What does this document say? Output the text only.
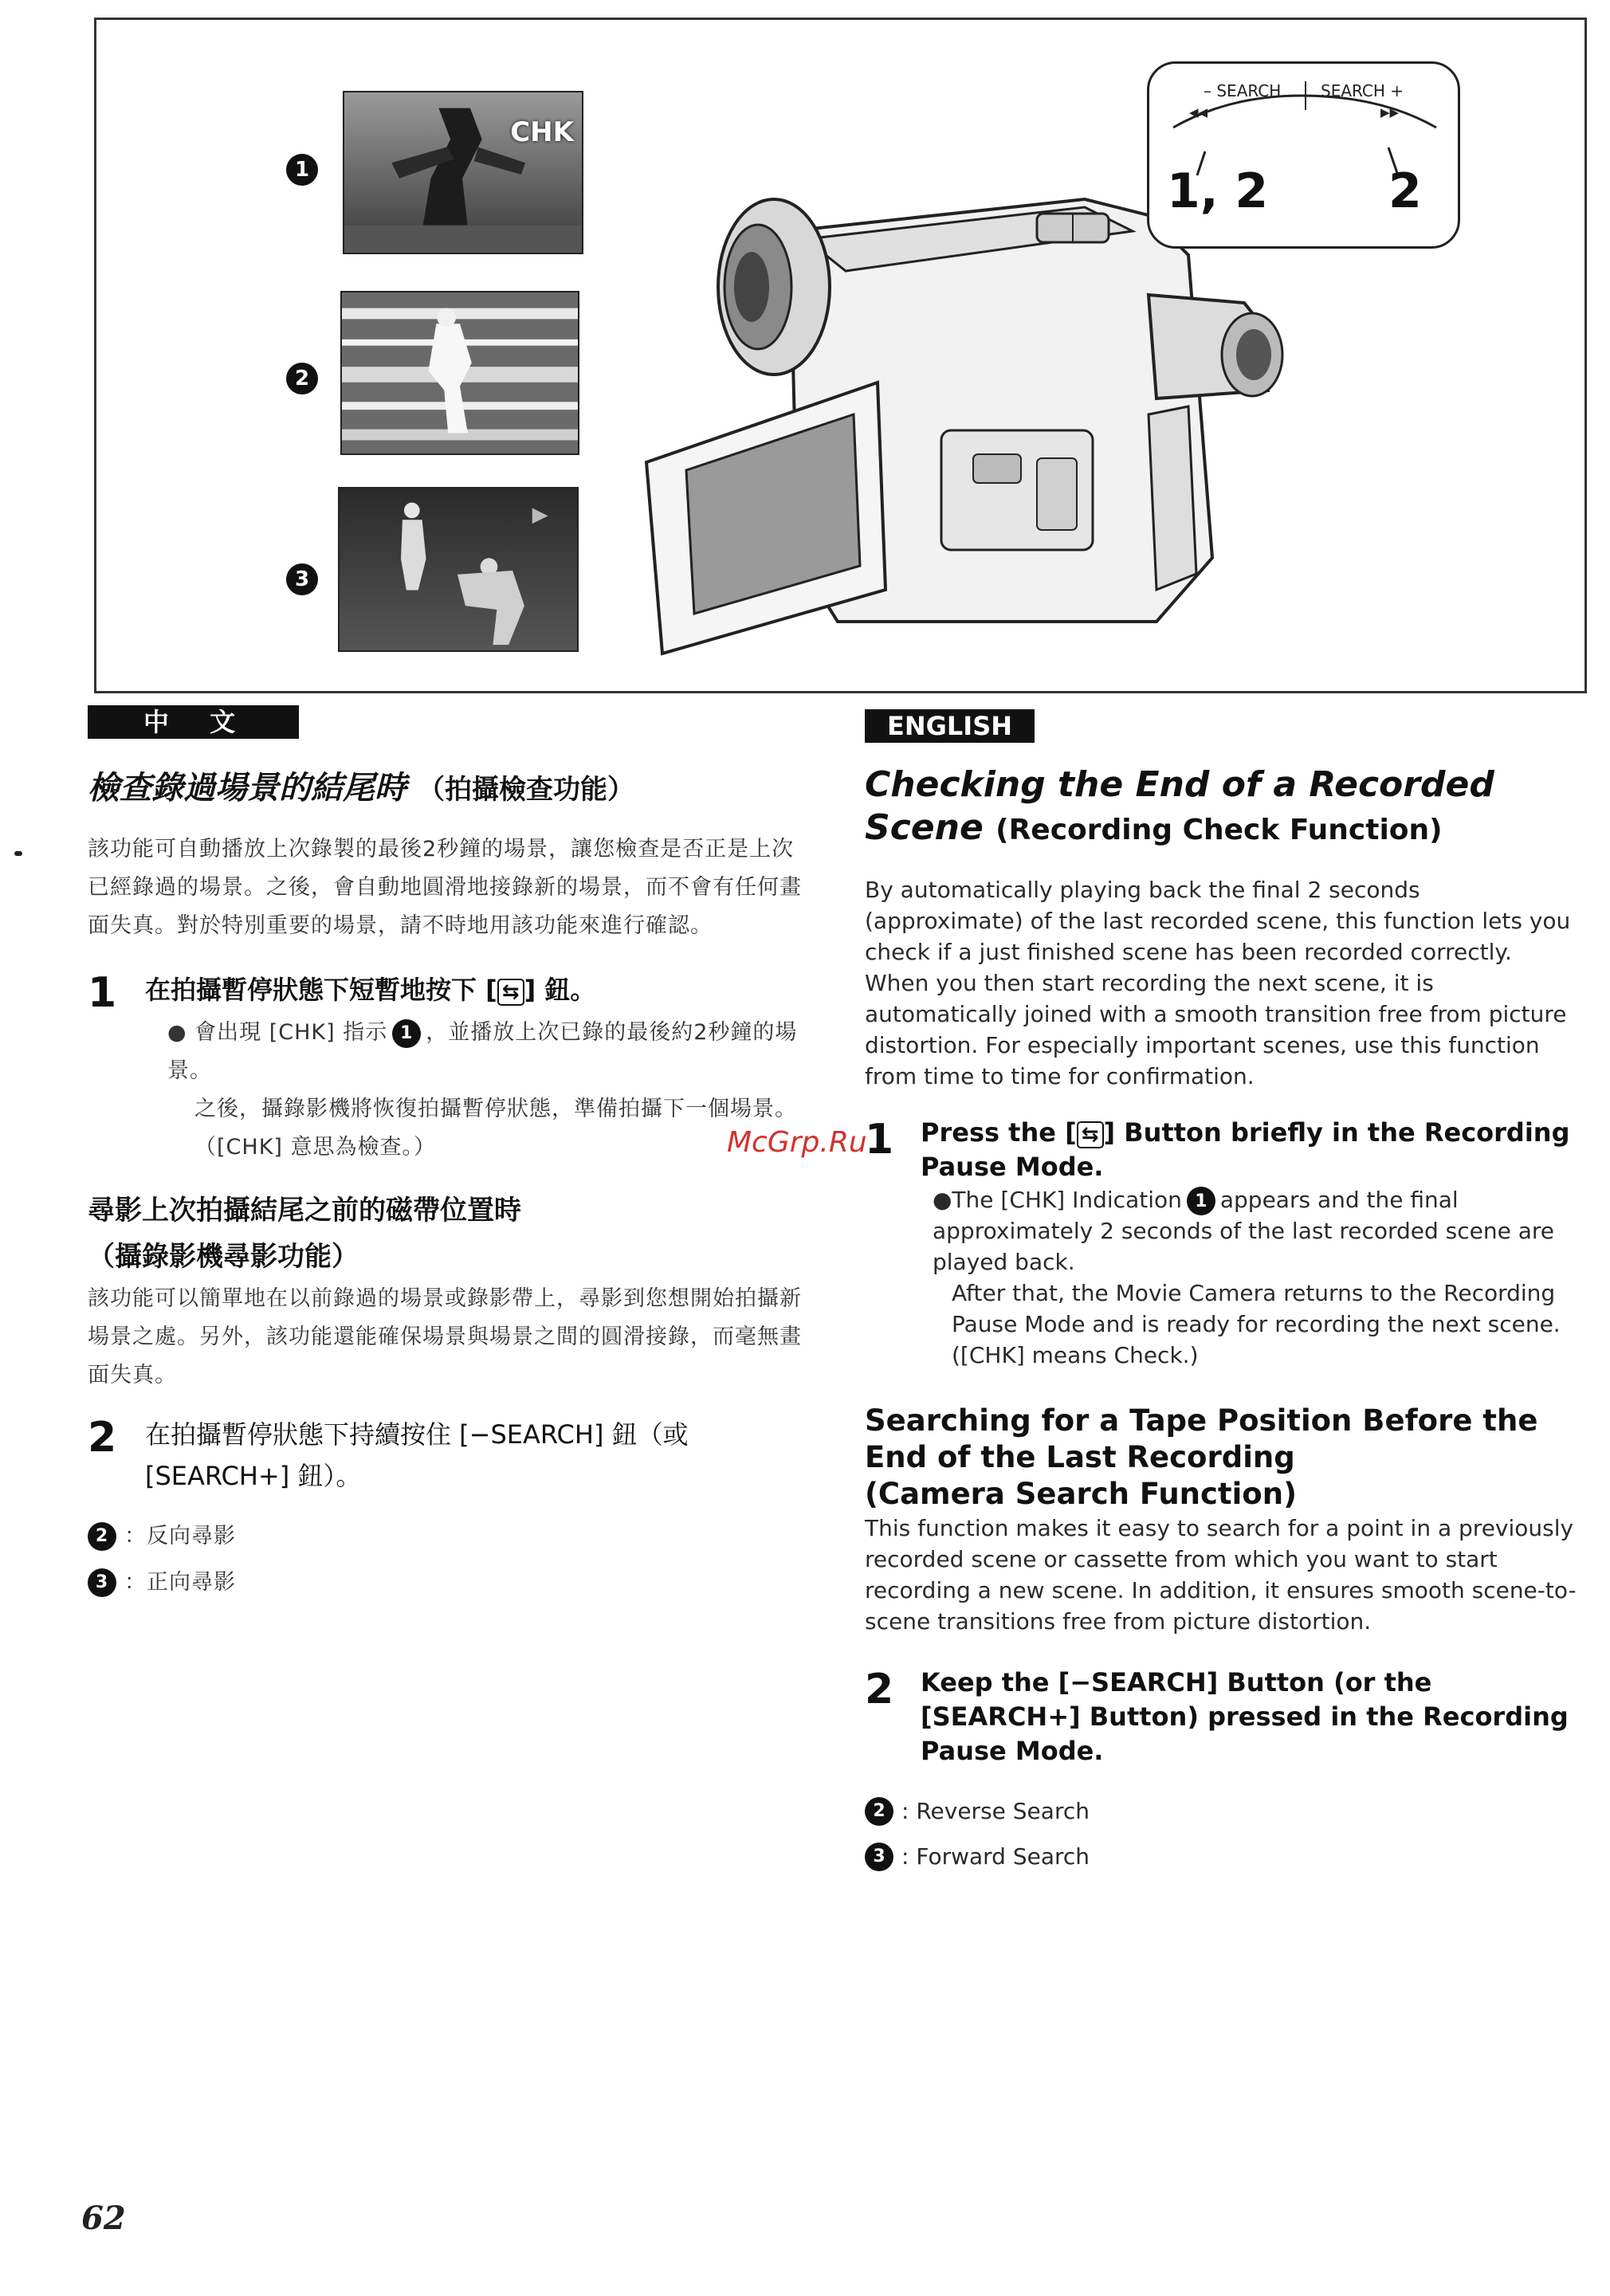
1
2
3
CHK
– SEARCH SEARCH +
◀◀	▶▶
1, 2	2
中 文
檢查錄過場景的結尾時 （拍攝檢查功能）

該功能可自動播放上次錄製的最後2秒鐘的場景，讓您檢查是否正是上次已經錄過的場景。之後，會自動地圓滑地接錄新的場景，而不會有任何畫面失真。對於特別重要的場景，請不時地用該功能來進行確認。

1 在拍攝暫停狀態下短暫地按下 [ ⇆ ] 鈕。
● 會出現 [CHK] 指示 1 ，並播放上次已錄的最後約2秒鐘的場景。
之後，攝錄影機將恢復拍攝暫停狀態，準備拍攝下一個場景。
（[CHK] 意思為檢查。）
尋影上次拍攝結尾之前的磁帶位置時
（攝錄影機尋影功能）

該功能可以簡單地在以前錄過的場景或錄影帶上，尋影到您想開始拍攝新場景之處。另外，該功能還能確保場景與場景之間的圓滑接錄，而毫無畫面失真。

2 在拍攝暫停狀態下持續按住 [−SEARCH] 鈕（或[SEARCH+] 鈕）。
2 ：反向尋影
3 ：正向尋影
ENGLISH
Checking the End of a Recorded
Scene (Recording Check Function)

By automatically playing back the final 2 seconds (approximate) of the last recorded scene, this function lets you check if a just finished scene has been recorded correctly. When you then start recording the next scene, it is automatically joined with a smooth transition free from picture distortion. For especially important scenes, use this function from time to time for confirmation.

1 Press the [ ⇆ ] Button briefly in the Recording Pause Mode.
●The [CHK] Indication 1 appears and the final approximately 2 seconds of the last recorded scene are played back.
After that, the Movie Camera returns to the Recording Pause Mode and is ready for recording the next scene.
([CHK] means Check.)
Searching for a Tape Position Before the End of the Last Recording
(Camera Search Function)

This function makes it easy to search for a point in a previously recorded scene or cassette from which you want to start recording a new scene. In addition, it ensures smooth scene-to-scene transitions free from picture distortion.

2 Keep the [−SEARCH] Button (or the [SEARCH+] Button) pressed in the Recording Pause Mode.
2 : Reverse Search
3 : Forward Search
McGrp.Ru
62
